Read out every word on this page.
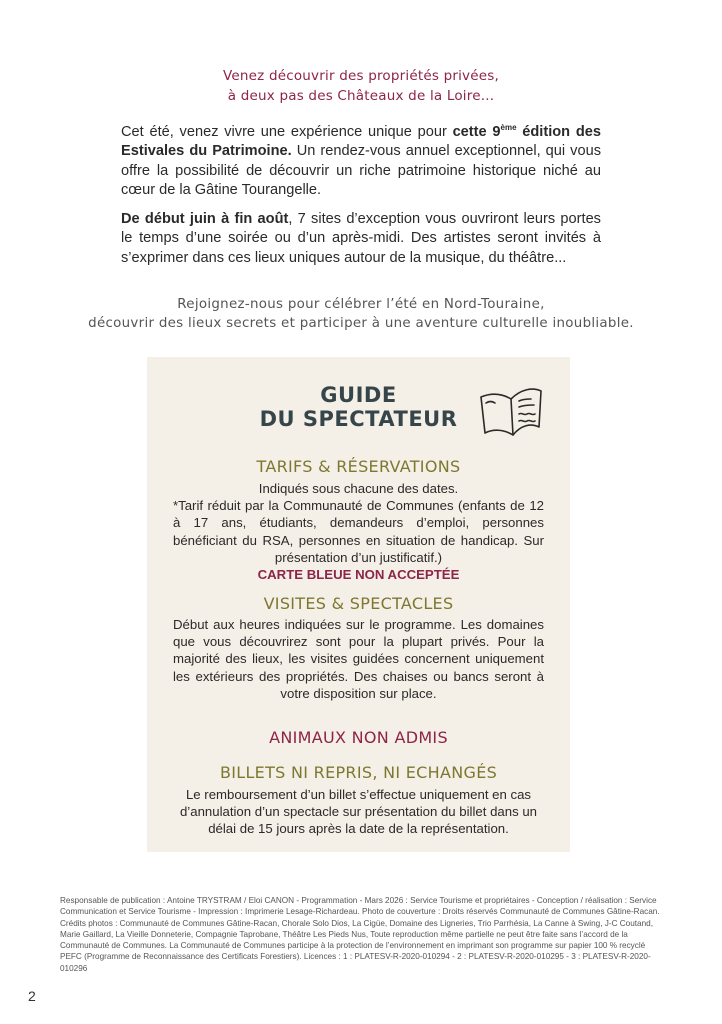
Venez découvrir des propriétés privées,
à deux pas des Châteaux de la Loire...

Cet été, venez vivre une expérience unique pour cette 9ème édition des Estivales du Patrimoine. Un rendez-vous annuel exceptionnel, qui vous offre la possibilité de découvrir un riche patrimoine historique niché au cœur de la Gâtine Tourangelle.

De début juin à fin août, 7 sites d’exception vous ouvriront leurs portes le temps d’une soirée ou d’un après-midi. Des artistes seront invités à s’exprimer dans ces lieux uniques autour de la musique, du théâtre...

Rejoignez-nous pour célébrer l’été en Nord-Touraine,
découvrir des lieux secrets et participer à une aventure culturelle inoubliable.
GUIDE
DU SPECTATEUR
TARIFS & RÉSERVATIONS

Indiqués sous chacune des dates.

*Tarif réduit par la Communauté de Communes (enfants de 12 à 17 ans, étudiants, demandeurs d’emploi, personnes bénéficiant du RSA, personnes en situation de handicap. Sur présentation d’un justificatif.)

CARTE BLEUE NON ACCEPTÉE

VISITES & SPECTACLES

Début aux heures indiquées sur le programme. Les domaines que vous découvrirez sont pour la plupart privés. Pour la majorité des lieux, les visites guidées concernent uniquement les extérieurs des propriétés. Des chaises ou bancs seront à votre disposition sur place.

ANIMAUX NON ADMIS
BILLETS NI REPRIS, NI ECHANGÉS

Le remboursement d’un billet s’effectue uniquement en cas d’annulation d’un spectacle sur présentation du billet dans un délai de 15 jours après la date de la représentation.

Responsable de publication : Antoine TRYSTRAM / Eloi CANON - Programmation - Mars 2026 : Service Tourisme et propriétaires - Conception / réalisation : Service Communication et Service Tourisme - Impression : Imprimerie Lesage-Richardeau. Photo de couverture : Droits réservés Communauté de Communes Gâtine-Racan. Crédits photos : Communauté de Communes Gâtine-Racan, Chorale Solo Dios, La Cigüe, Domaine des Ligneries, Trio Parrhésia, La Canne à Swing, J-C Coutand, Marie Gaillard, La Vieille Donneterie, Compagnie Taprobane, Théâtre Les Pieds Nus, Toute reproduction même partielle ne peut être faite sans l’accord de la Communauté de Communes. La Communauté de Communes participe à la protection de l’environnement en imprimant son programme sur papier 100 % recyclé PEFC (Programme de Reconnaissance des Certificats Forestiers). Licences : 1 : PLATESV-R-2020-010294 - 2 : PLATESV-R-2020-010295 - 3 : PLATESV-R-2020-010296

2
